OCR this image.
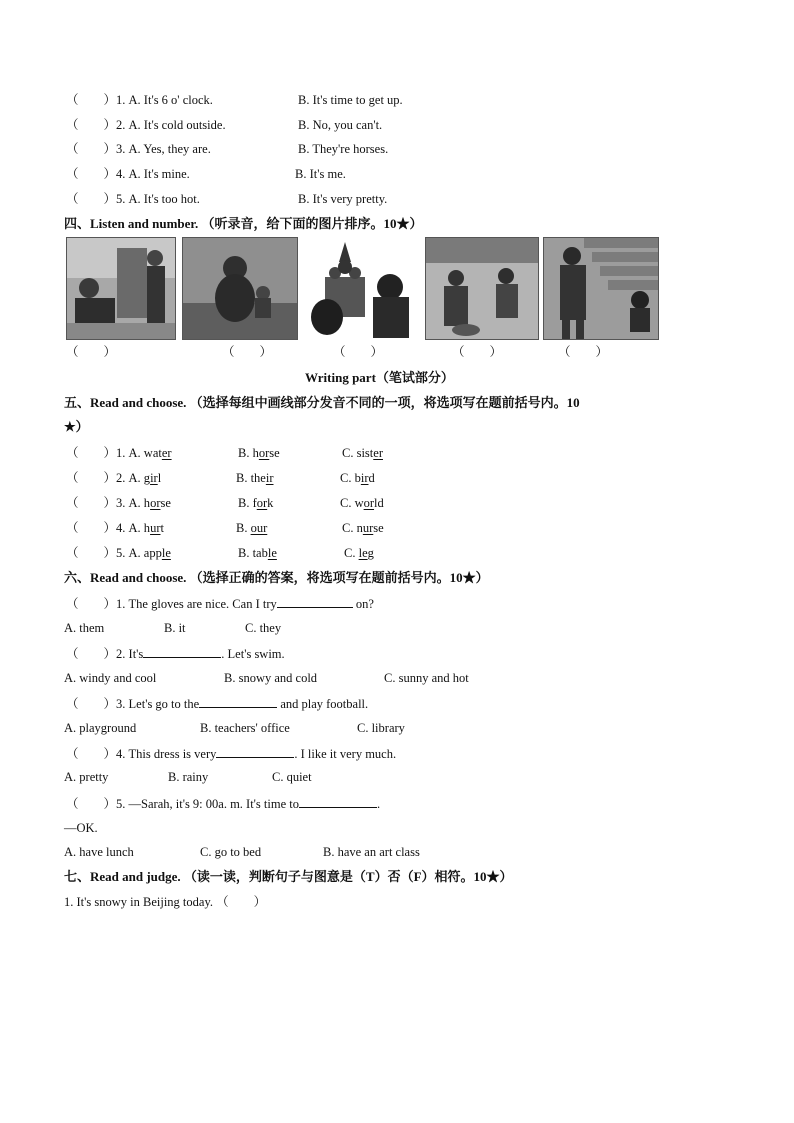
（　　）1. A. It's 6 o' clock.	B. It's time to get up.
（　　）2. A. It's cold outside.	B. No, you can't.
（　　）3. A. Yes, they are.	B. They're horses.
（　　）4. A. It's mine.	B. It's me.
（　　）5. A. It's too hot.	B. It's very pretty.
四、Listen and number. （听录音，给下面的图片排序。10★）
（　　）	（　　）	（　　）	（　　）	（　　）
Writing part（笔试部分）
五、Read and choose. （选择每组中画线部分发音不同的一项，将选项写在题前括号内。10
★）
（　　）1. A. water	B. horse	C. sister
（　　）2. A. girl	B. their	C. bird
（　　）3. A. horse	B. fork	C. world
（　　）4. A. hurt	B. our	C. nurse
（　　）5. A. apple	B. table	C. leg
六、Read and choose. （选择正确的答案，将选项写在题前括号内。10★）
（　　 ）1. The gloves are nice. Can I try	on?
A. them	B. it	C. they
（　　 ）2. It's	. Let's swim.
A. windy and cool	B. snowy and cold	C. sunny and hot
（　　 ）3. Let's go to the	and play football.
A. playground	B. teachers' office	C. library
（　　 ）4. This dress is very	. I like it very much.
A. pretty	B. rainy	C. quiet
（　　 ）5. —Sarah, it's 9: 00a. m. It's time to	.
—OK.
A. have lunch	C. go to bed	B. have an art class
七、Read and judge. （读一读，判断句子与图意是（T）否（F）相符。10★）
1. It's snowy in Beijing today. （　　）
